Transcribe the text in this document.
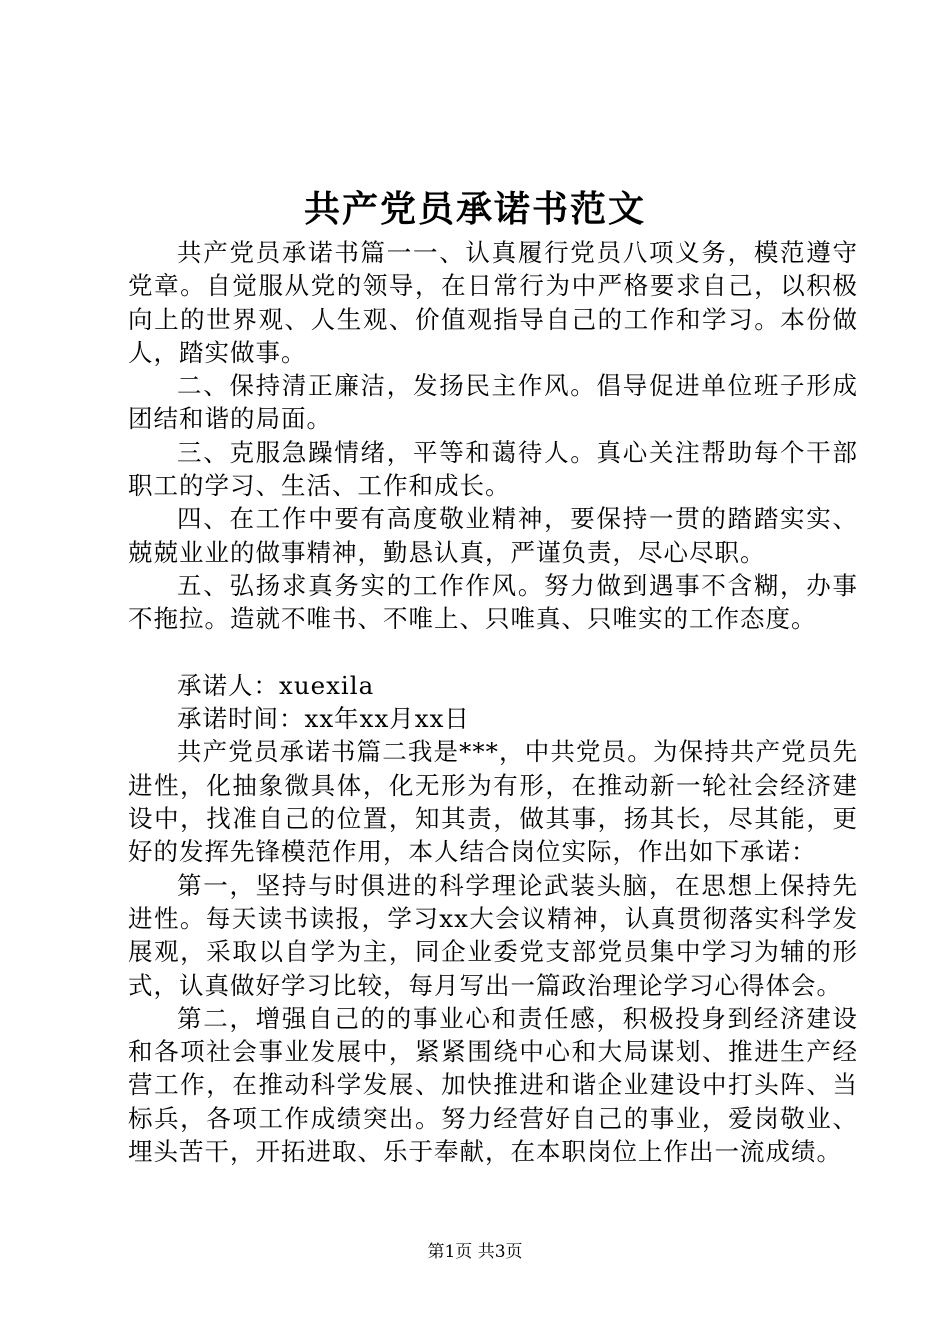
共产党员承诺书范文

共产党员承诺书篇一一、认真履行党员八项义务，模范遵守党章。自觉服从党的领导，在日常行为中严格要求自己，以积极向上的世界观、人生观、价值观指导自己的工作和学习。本份做人，踏实做事。

二、保持清正廉洁，发扬民主作风。倡导促进单位班子形成团结和谐的局面。

三、克服急躁情绪，平等和蔼待人。真心关注帮助每个干部职工的学习、生活、工作和成长。

四、在工作中要有高度敬业精神，要保持一贯的踏踏实实、兢兢业业的做事精神，勤恳认真，严谨负责，尽心尽职。

五、弘扬求真务实的工作作风。努力做到遇事不含糊，办事不拖拉。造就不唯书、不唯上、只唯真、只唯实的工作态度。

承诺人：xuexila

承诺时间：xx年xx月xx日

共产党员承诺书篇二我是***，中共党员。为保持共产党员先进性，化抽象微具体，化无形为有形，在推动新一轮社会经济建设中，找准自己的位置，知其责，做其事，扬其长，尽其能，更好的发挥先锋模范作用，本人结合岗位实际，作出如下承诺：

第一，坚持与时俱进的科学理论武装头脑，在思想上保持先进性。每天读书读报，学习xx大会议精神，认真贯彻落实科学发展观，采取以自学为主，同企业委党支部党员集中学习为辅的形式，认真做好学习比较，每月写出一篇政治理论学习心得体会。

第二，增强自己的的事业心和责任感，积极投身到经济建设和各项社会事业发展中，紧紧围绕中心和大局谋划、推进生产经营工作，在推动科学发展、加快推进和谐企业建设中打头阵、当标兵，各项工作成绩突出。努力经营好自己的事业，爱岗敬业、埋头苦干，开拓进取、乐于奉献，在本职岗位上作出一流成绩。

第1页 共3页
